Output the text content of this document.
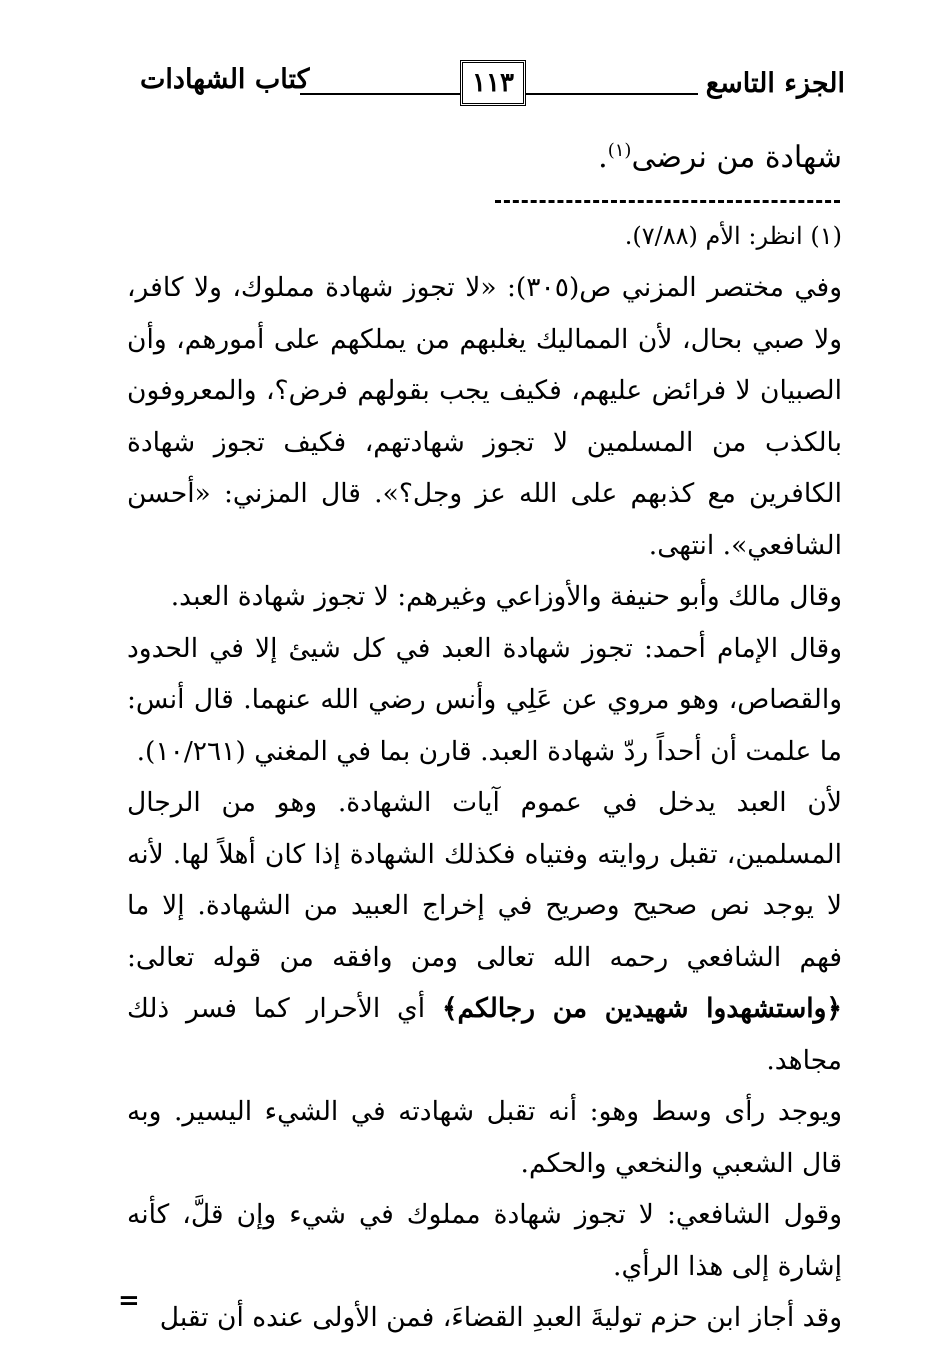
الجزء التاسع
١١٣
كتاب الشهادات
شهادة من نرضى$^{(١)}$.
(١) انظر: الأم (٧/٨٨).

وفي مختصر المزني ص(٣٠٥): «لا تجوز شهادة مملوك، ولا كافر، ولا صبي بحال، لأن المماليك يغلبهم من يملكهم على أمورهم، وأن الصبيان لا فرائض عليهم، فكيف يجب بقولهم فرض؟، والمعروفون بالكذب من المسلمين لا تجوز شهادتهم، فكيف تجوز شهادة الكافرين مع كذبهم على الله عز وجل؟». قال المزني: «أحسن الشافعي». انتهى.

وقال مالك وأبو حنيفة والأوزاعي وغيرهم: لا تجوز شهادة العبد.

وقال الإمام أحمد: تجوز شهادة العبد في كل شيئ إلا في الحدود والقصاص، وهو مروي عن عَلِي وأنس رضي الله عنهما. قال أنس: ما علمت أن أحداً ردّ شهادة العبد. قارن بما في المغني (١٠/٢٦١).

لأن العبد يدخل في عموم آيات الشهادة. وهو من الرجال المسلمين، تقبل روايته وفتياه فكذلك الشهادة إذا كان أهلاً لها. لأنه لا يوجد نص صحيح وصريح في إخراج العبيد من الشهادة. إلا ما فهم الشافعي رحمه الله تعالى ومن وافقه من قوله تعالى: ﴿واستشهدوا شهيدين من رجالكم﴾ أي الأحرار كما فسر ذلك مجاهد.

ويوجد رأى وسط وهو: أنه تقبل شهادته في الشيء اليسير. وبه قال الشعبي والنخعي والحكم.

وقول الشافعي: لا تجوز شهادة مملوك في شيء وإن قلَّ، كأنه إشارة إلى هذا الرأي.

وقد أجاز ابن حزم توليةَ العبدِ القضاءَ، فمن الأولى عنده أن تقبل

=
